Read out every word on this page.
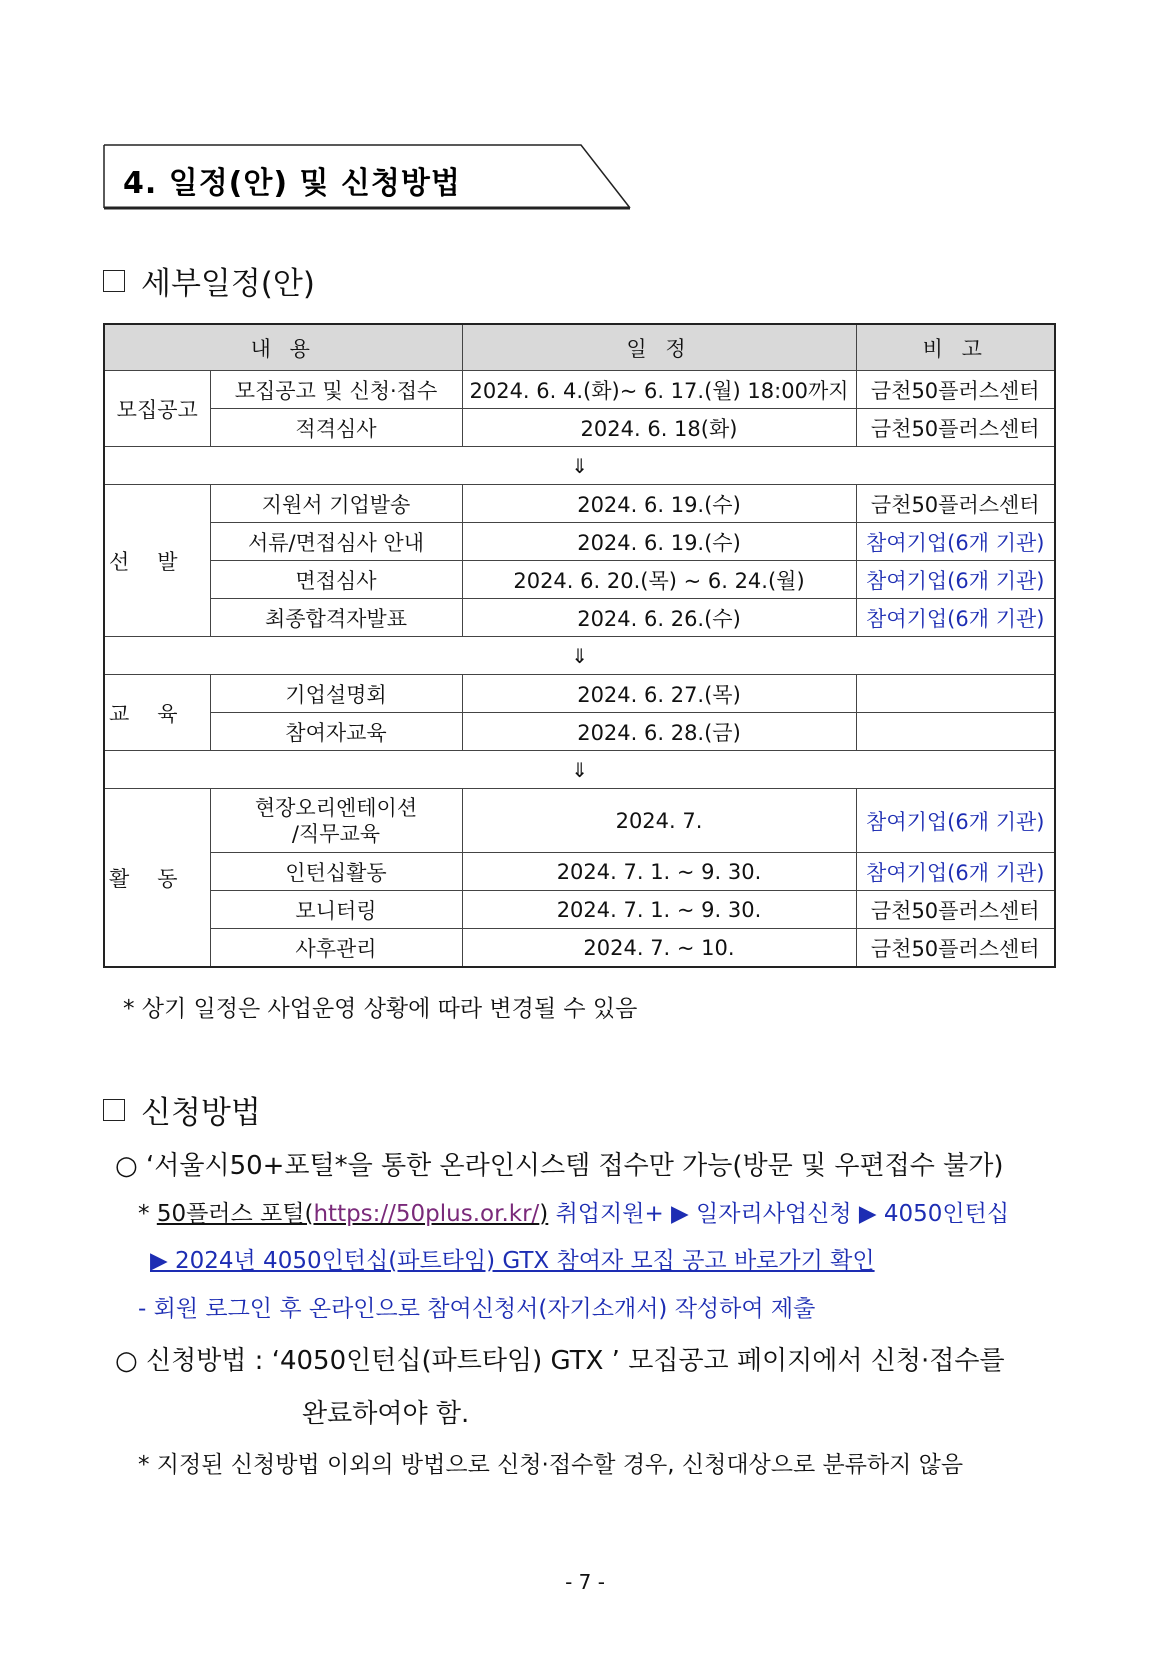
4. 일정(안) 및 신청방법
세부일정(안)
내 용		일 정	비 고
모집공고	모집공고 및 신청·접수	2024. 6. 4.(화)~ 6. 17.(월) 18:00까지	금천50플러스센터
	적격심사	2024. 6. 18(화)	금천50플러스센터
⇓			
선발	지원서 기업발송	2024. 6. 19.(수)	금천50플러스센터
	서류/면접심사 안내	2024. 6. 19.(수)	참여기업(6개 기관)
	면접심사	2024. 6. 20.(목) ~ 6. 24.(월)	참여기업(6개 기관)
	최종합격자발표	2024. 6. 26.(수)	참여기업(6개 기관)
⇓			
교육	기업설명회	2024. 6. 27.(목)	
	참여자교육	2024. 6. 28.(금)	
⇓			
활동	현장오리엔테이션
/직무교육	2024. 7.	참여기업(6개 기관)
	인턴십활동	2024. 7. 1. ~ 9. 30.	참여기업(6개 기관)
	모니터링	2024. 7. 1. ~ 9. 30.	금천50플러스센터
	사후관리	2024. 7. ~ 10.	금천50플러스센터
* 상기 일정은 사업운영 상황에 따라 변경될 수 있음
신청방법
○ ‘서울시50+포털*을 통한 온라인시스템 접수만 가능(방문 및 우편접수 불가)
* 50플러스 포털(https://50plus.or.kr/) 취업지원+ ▶ 일자리사업신청 ▶ 4050인턴십
▶ 2024년 4050인턴십(파트타임) GTX 참여자 모집 공고 바로가기 확인
- 회원 로그인 후 온라인으로 참여신청서(자기소개서) 작성하여 제출
○ 신청방법 : ‘4050인턴십(파트타임) GTX ’ 모집공고 페이지에서 신청·접수를
완료하여야 함.
* 지정된 신청방법 이외의 방법으로 신청·접수할 경우, 신청대상으로 분류하지 않음
- 7 -
